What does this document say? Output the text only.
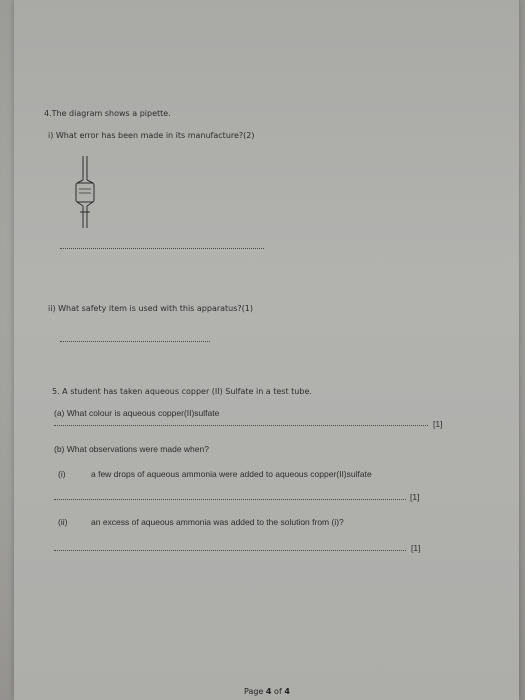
4.The diagram shows a pipette.
i) What error has been made in its manufacture?(2)
ii) What safety item is used with this apparatus?(1)
5. A student has taken aqueous copper (II) Sulfate in a test tube.
(a) What colour is aqueous copper(II)sulfate
[1]
(b) What observations were made when?
(i)	a few drops of aqueous ammonia were added to aqueous copper(II)sulfate
[1]
(ii)	an excess of aqueous ammonia was added to the solution from (i)?
[1]
Page 4 of 4
